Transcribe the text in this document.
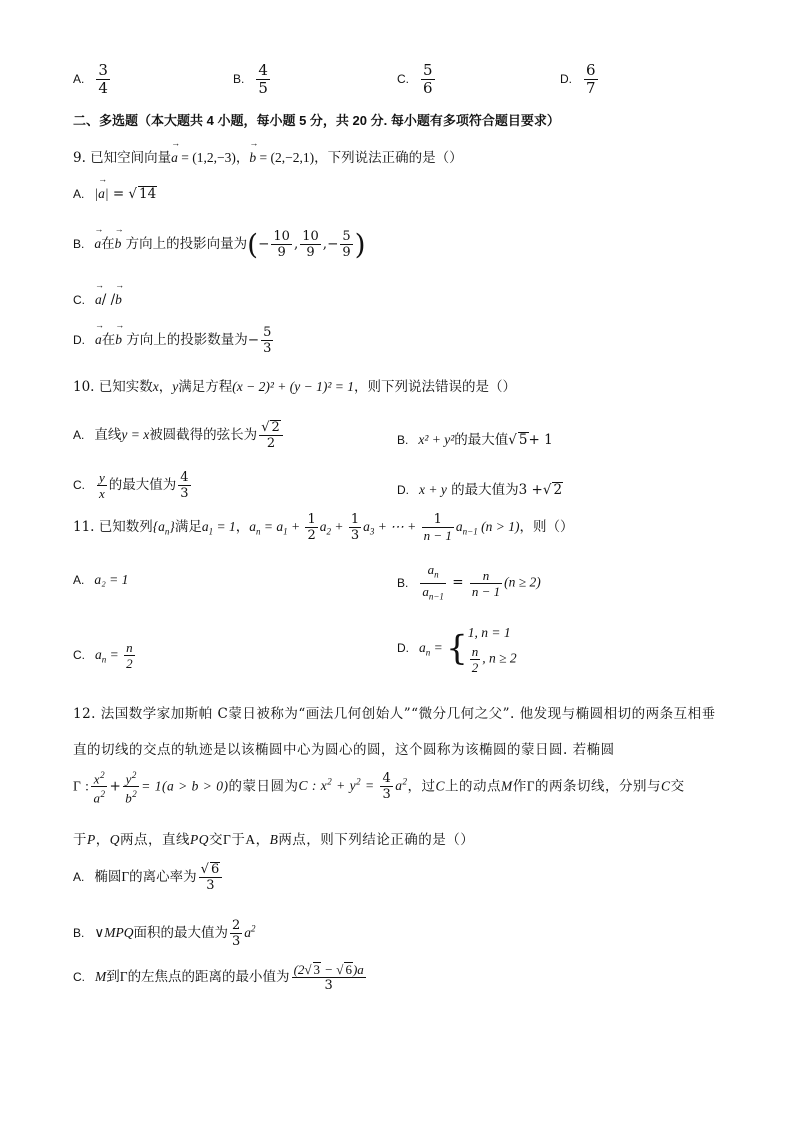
A. $\frac{3}{4}$	B. $\frac{4}{5}$	C. $\frac{5}{6}$	D. $\frac{6}{7}$
二、多选题（本大题共 4 小题，每小题 5 分，共 20 分. 每小题有多项符合题目要求）
9. 已知空间向量→ a = (1,2,−3)，→ b = (2,−2,1)，下列说法正确的是（）
A. |→ a| = √ 14
B. → a在→ b 方向上的投影向量为(− $\frac{10}{9}$ , $\frac{10}{9}$ ,− $\frac{5}{9}$ )
C. → a/ /→ b
D. → a在→ b 方向上的投影数量为− $\frac{5}{3}$
10. 已知实数x，y满足方程(x − 2)² + (y − 1)² = 1，则下列说法错误的是（）
A. 直线y = x被圆截得的弦长为 $\frac{√ 2}{2}$	B. x² + y²的最大值√ 5+ 1
C. $\frac{y}{x}$ 的最大值为 $\frac{4}{3}$	D. x + y 的最大值为3 +√ 2
11. 已知数列$\{a_n\}$满足$a_1 = 1$，$a_n = a_1 + \frac{1}{2} a_2 + \frac{1}{3} a_3$ + ⋯ + $\frac{1}{n - 1} a_{n-1}$ (n > 1)，则（）
A. a₂ = 1	B. $\frac{a_n}{a_{n-1}} = \frac{n}{n - 1} (n \ge 2)$
C. $a_n = \frac{n}{2}$	D. $a_n$ = { 1, n = 1
$\frac{n}{2}$ , n ≥ 2
12. 法国数学家加斯帕 C蒙日被称为“画法几何创始人”“微分几何之父”. 他发现与椭圆相切的两条互相垂
直的切线的交点的轨迹是以该椭圆中心为圆心的圆，这个圆称为该椭圆的蒙日圆. 若椭圆
Γ : $\frac{x^2}{a^2} + \frac{y^2}{b^2} = 1(a > b > 0)$的蒙日圆为C : $x^2 + y^2 = \frac{4}{3} a^2$，过C上的动点M作Γ的两条切线，分别与C交
于P，Q两点，直线PQ交Γ于A，B两点，则下列结论正确的是（）
A. 椭圆Γ的离心率为 $\frac{√ 6}{3}$
B. ∨MPQ面积的最大值为 $\frac{2}{3} a^2$
C. M到Γ的左焦点的距离的最小值为 $\frac{(2√ 3 - √ 6)a}{3}$
